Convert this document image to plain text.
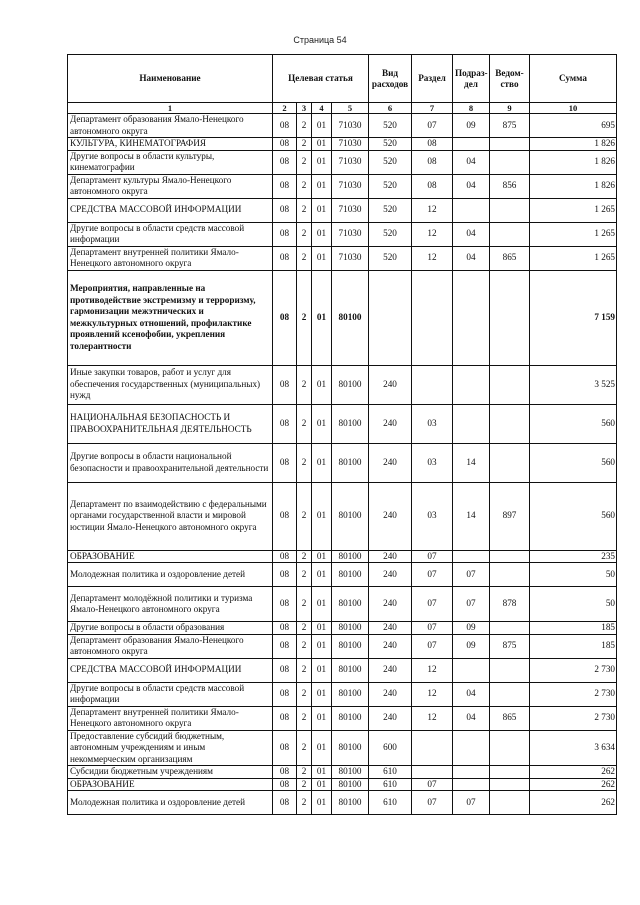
Страница 54
Наименование	Целевая статья				Вид расходов	Раздел	Подраз-дел	Ведом-ство	Сумма
1	2	3	4	5	6	7	8	9	10
Департамент образования Ямало-Ненецкого автономного округа	08	2	01	71030	520	07	09	875	695
КУЛЬТУРА, КИНЕМАТОГРАФИЯ	08	2	01	71030	520	08			1 826
Другие вопросы в области культуры, кинематографии	08	2	01	71030	520	08	04		1 826
Департамент культуры Ямало-Ненецкого автономного округа	08	2	01	71030	520	08	04	856	1 826
СРЕДСТВА МАССОВОЙ ИНФОРМАЦИИ	08	2	01	71030	520	12			1 265
Другие вопросы в области средств массовой информации	08	2	01	71030	520	12	04		1 265
Департамент внутренней политики Ямало-Ненецкого автономного округа	08	2	01	71030	520	12	04	865	1 265
Мероприятия, направленные на противодействие экстремизму и терроризму, гармонизации межэтнических и межкультурных отношений, профилактике проявлений ксенофобии, укрепления толерантности	08	2	01	80100					7 159
Иные закупки товаров, работ и услуг для обеспечения государственных (муниципальных) нужд	08	2	01	80100	240				3 525
НАЦИОНАЛЬНАЯ БЕЗОПАСНОСТЬ И ПРАВООХРАНИТЕЛЬНАЯ ДЕЯТЕЛЬНОСТЬ	08	2	01	80100	240	03			560
Другие вопросы в области национальной безопасности и правоохранительной деятельности	08	2	01	80100	240	03	14		560
Департамент по взаимодействию с федеральными органами государственной власти и мировой юстиции Ямало-Ненецкого автономного округа	08	2	01	80100	240	03	14	897	560
ОБРАЗОВАНИЕ	08	2	01	80100	240	07			235
Молодежная политика и оздоровление детей	08	2	01	80100	240	07	07		50
Департамент молодёжной политики и туризма Ямало-Ненецкого автономного округа	08	2	01	80100	240	07	07	878	50
Другие вопросы в области образования	08	2	01	80100	240	07	09		185
Департамент образования Ямало-Ненецкого автономного округа	08	2	01	80100	240	07	09	875	185
СРЕДСТВА МАССОВОЙ ИНФОРМАЦИИ	08	2	01	80100	240	12			2 730
Другие вопросы в области средств массовой информации	08	2	01	80100	240	12	04		2 730
Департамент внутренней политики Ямало-Ненецкого автономного округа	08	2	01	80100	240	12	04	865	2 730
Предоставление субсидий бюджетным, автономным учреждениям и иным некоммерческим организациям	08	2	01	80100	600				3 634
Субсидии бюджетным учреждениям	08	2	01	80100	610				262
ОБРАЗОВАНИЕ	08	2	01	80100	610	07			262
Молодежная политика и оздоровление детей	08	2	01	80100	610	07	07		262
